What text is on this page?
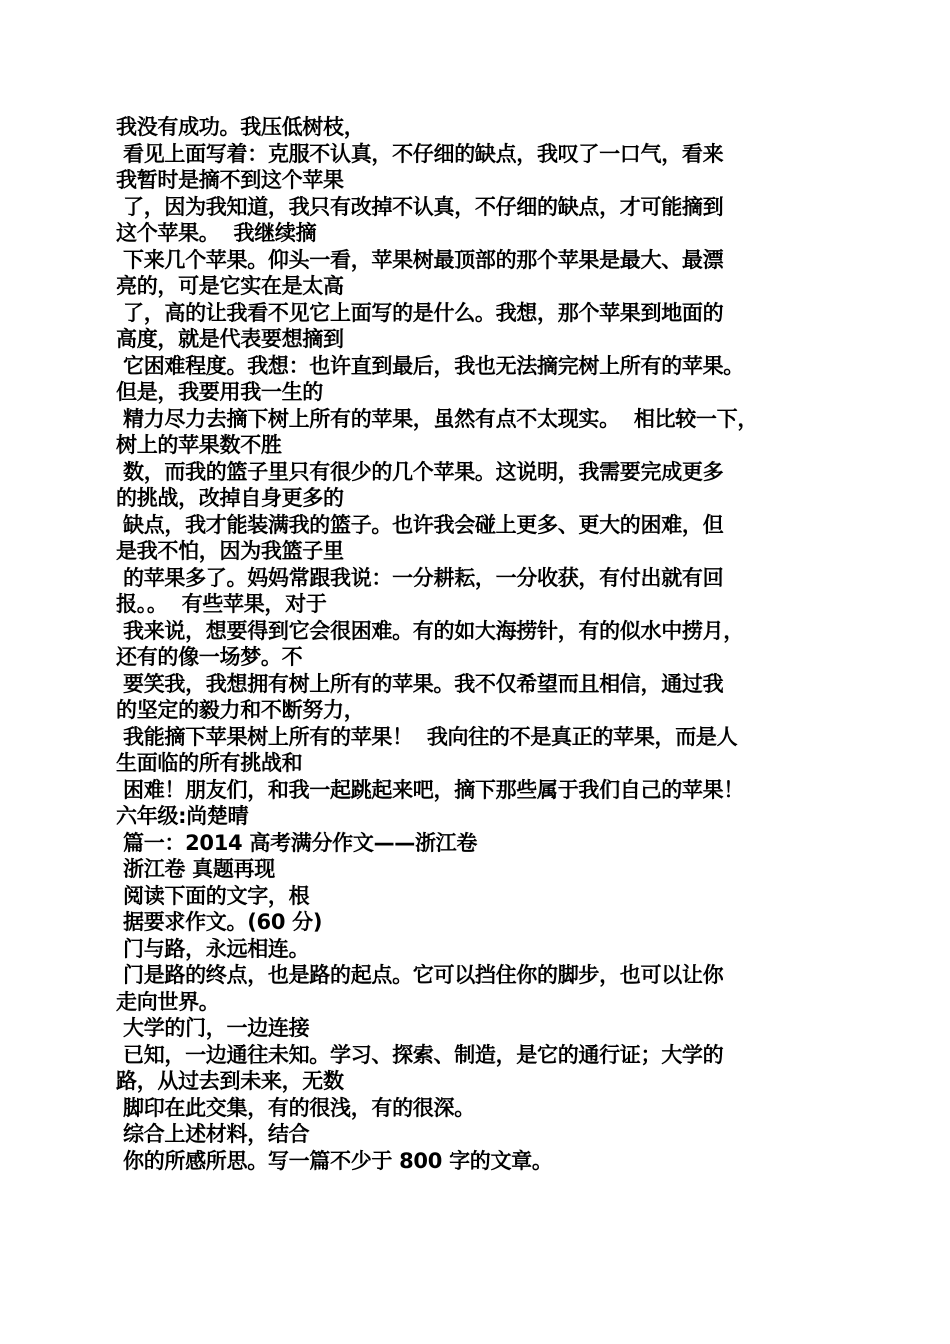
我没有成功。我压低树枝，
看见上面写着：克服不认真，不仔细的缺点，我叹了一口气，看来
我暂时是摘不到这个苹果
了，因为我知道，我只有改掉不认真，不仔细的缺点，才可能摘到
这个苹果。  我继续摘
下来几个苹果。仰头一看，苹果树最顶部的那个苹果是最大、最漂
亮的，可是它实在是太高
了，高的让我看不见它上面写的是什么。我想，那个苹果到地面的
高度，就是代表要想摘到
它困难程度。我想：也许直到最后，我也无法摘完树上所有的苹果。
但是，我要用我一生的
精力尽力去摘下树上所有的苹果，虽然有点不太现实。  相比较一下，
树上的苹果数不胜
数，而我的篮子里只有很少的几个苹果。这说明，我需要完成更多
的挑战，改掉自身更多的
缺点，我才能装满我的篮子。也许我会碰上更多、更大的困难，但
是我不怕，因为我篮子里
的苹果多了。妈妈常跟我说：一分耕耘，一分收获，有付出就有回
报。。  有些苹果，对于
我来说，想要得到它会很困难。有的如大海捞针，有的似水中捞月，
还有的像一场梦。不
要笑我，我想拥有树上所有的苹果。我不仅希望而且相信，通过我
的坚定的毅力和不断努力，
我能摘下苹果树上所有的苹果！  我向往的不是真正的苹果，而是人
生面临的所有挑战和
困难！朋友们，和我一起跳起来吧，摘下那些属于我们自己的苹果！
六年级:尚楚晴
篇一：2014 高考满分作文——浙江卷
浙江卷 真题再现
阅读下面的文字，根
据要求作文。(60 分)
门与路，永远相连。
门是路的终点，也是路的起点。它可以挡住你的脚步，也可以让你
走向世界。
大学的门，一边连接
已知，一边通往未知。学习、探索、制造，是它的通行证；大学的
路，从过去到未来，无数
脚印在此交集，有的很浅，有的很深。
综合上述材料，结合
你的所感所思。写一篇不少于 800 字的文章。
